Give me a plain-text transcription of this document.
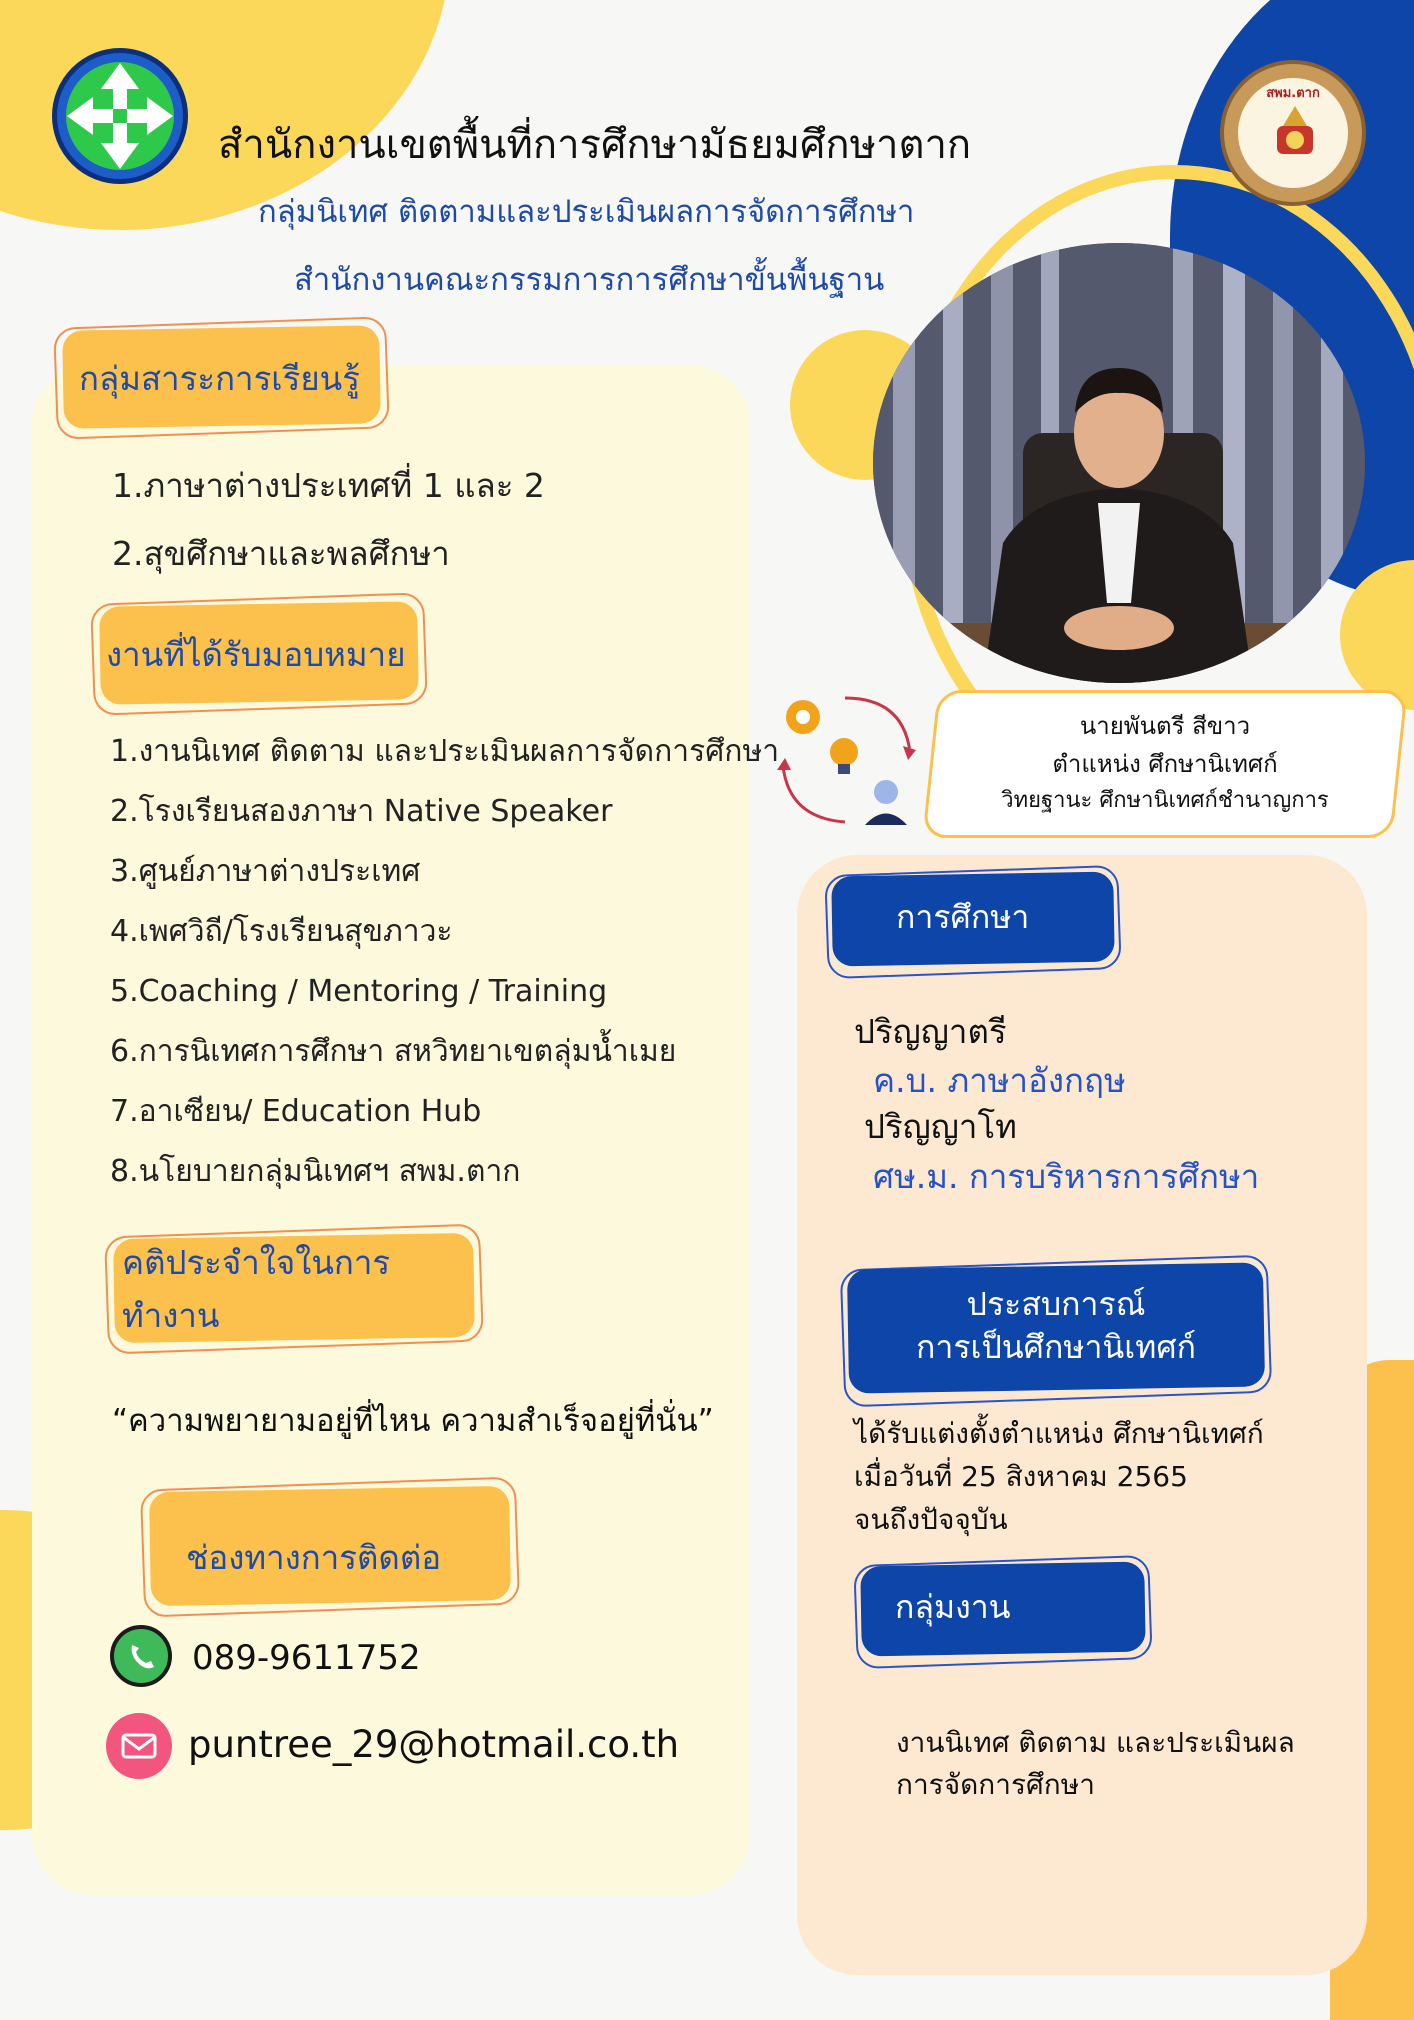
สำนักงานเขตพื้นที่การศึกษามัธยมศึกษาตาก
กลุ่มนิเทศ ติดตามและประเมินผลการจัดการศึกษา
สำนักงานคณะกรรมการการศึกษาขั้นพื้นฐาน
สพม.ตาก
นายพันตรี สีขาว
ตำแหน่ง ศึกษานิเทศก์
วิทยฐานะ ศึกษานิเทศก์ชำนาญการ
กลุ่มสาระการเรียนรู้
1.ภาษาต่างประเทศที่ 1 และ 2
2.สุขศึกษาและพลศึกษา
งานที่ได้รับมอบหมาย
1.งานนิเทศ ติดตาม และประเมินผลการจัดการศึกษา
2.โรงเรียนสองภาษา Native Speaker
3.ศูนย์ภาษาต่างประเทศ
4.เพศวิถี/โรงเรียนสุขภาวะ
5.Coaching / Mentoring / Training
6.การนิเทศการศึกษา สหวิทยาเขตลุ่มน้ำเมย
7.อาเซียน/ Education Hub
8.นโยบายกลุ่มนิเทศฯ สพม.ตาก
คติประจำใจในการทำงาน
“ความพยายามอยู่ที่ไหน ความสำเร็จอยู่ที่นั่น”
ช่องทางการติดต่อ
089-9611752
puntree_29@hotmail.co.th
การศึกษา
ปริญญาตรี
ค.บ. ภาษาอังกฤษ
ปริญญาโท
ศษ.ม. การบริหารการศึกษา
ประสบการณ์
การเป็นศึกษานิเทศก์
ได้รับแต่งตั้งตำแหน่ง ศึกษานิเทศก์
เมื่อวันที่ 25 สิงหาคม 2565
จนถึงปัจจุบัน
กลุ่มงาน
งานนิเทศ ติดตาม และประเมินผล
การจัดการศึกษา
